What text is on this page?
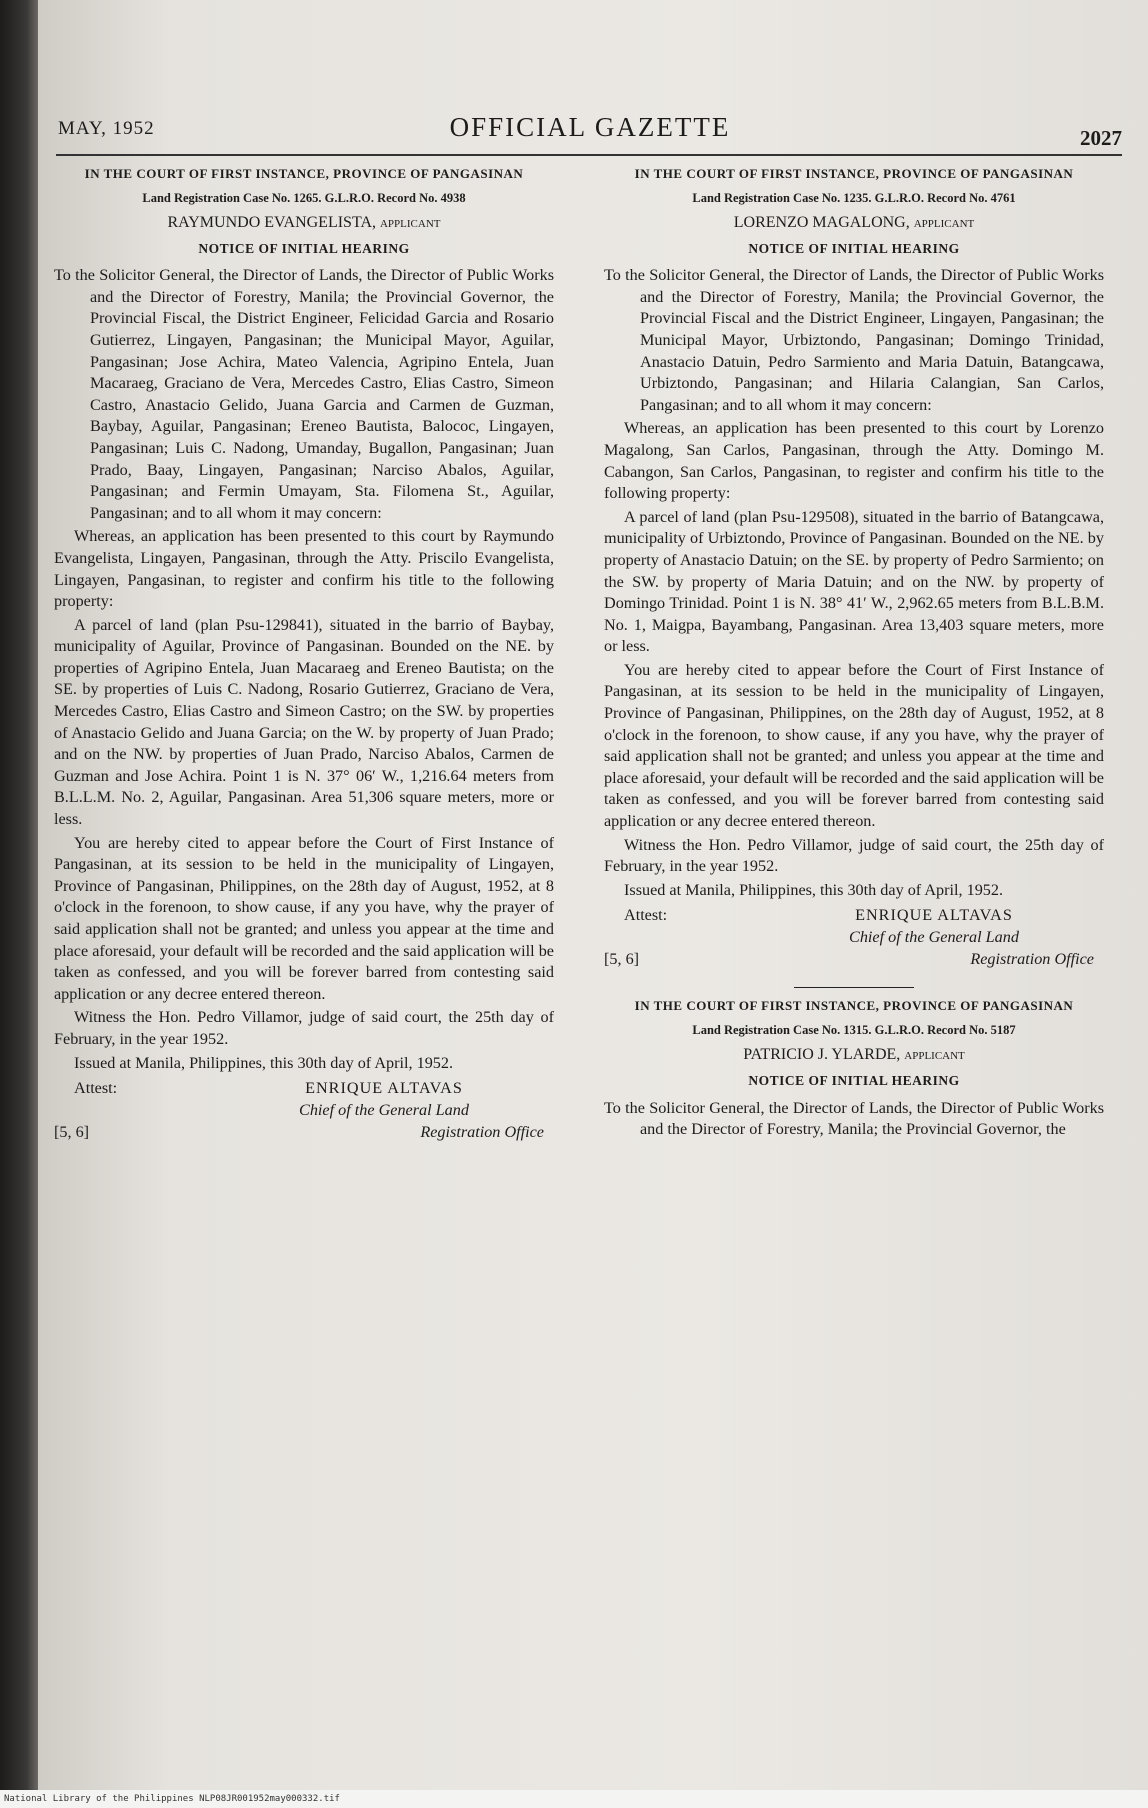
MAY, 1952	OFFICIAL GAZETTE	2027

IN THE COURT OF FIRST INSTANCE, PROVINCE OF PANGASINAN

Land Registration Case No. 1265. G.L.R.O. Record No. 4938
RAYMUNDO EVANGELISTA, applicant
NOTICE OF INITIAL HEARING

To the Solicitor General, the Director of Lands, the Director of Public Works and the Director of Forestry, Manila; the Provincial Governor, the Provincial Fiscal, the District Engineer, Felicidad Garcia and Rosario Gutierrez, Lingayen, Pangasinan; the Municipal Mayor, Aguilar, Pangasinan; Jose Achira, Mateo Valencia, Agripino Entela, Juan Macaraeg, Graciano de Vera, Mercedes Castro, Elias Castro, Simeon Castro, Anastacio Gelido, Juana Garcia and Carmen de Guzman, Baybay, Aguilar, Pangasinan; Ereneo Bautista, Balococ, Lingayen, Pangasinan; Luis C. Nadong, Umanday, Bugallon, Pangasinan; Juan Prado, Baay, Lingayen, Pangasinan; Narciso Abalos, Aguilar, Pangasinan; and Fermin Umayam, Sta. Filomena St., Aguilar, Pangasinan; and to all whom it may concern:

Whereas, an application has been presented to this court by Raymundo Evangelista, Lingayen, Pangasinan, through the Atty. Priscilo Evangelista, Lingayen, Pangasinan, to register and confirm his title to the following property:

A parcel of land (plan Psu-129841), situated in the barrio of Baybay, municipality of Aguilar, Province of Pangasinan. Bounded on the NE. by properties of Agripino Entela, Juan Macaraeg and Ereneo Bautista; on the SE. by properties of Luis C. Nadong, Rosario Gutierrez, Graciano de Vera, Mercedes Castro, Elias Castro and Simeon Castro; on the SW. by properties of Anastacio Gelido and Juana Garcia; on the W. by property of Juan Prado; and on the NW. by properties of Juan Prado, Narciso Abalos, Carmen de Guzman and Jose Achira. Point 1 is N. 37° 06′ W., 1,216.64 meters from B.L.L.M. No. 2, Aguilar, Pangasinan. Area 51,306 square meters, more or less.

You are hereby cited to appear before the Court of First Instance of Pangasinan, at its session to be held in the municipality of Lingayen, Province of Pangasinan, Philippines, on the 28th day of August, 1952, at 8 o'clock in the forenoon, to show cause, if any you have, why the prayer of said application shall not be granted; and unless you appear at the time and place aforesaid, your default will be recorded and the said application will be taken as confessed, and you will be forever barred from contesting said application or any decree entered thereon.

Witness the Hon. Pedro Villamor, judge of said court, the 25th day of February, in the year 1952.

Issued at Manila, Philippines, this 30th day of April, 1952.

Attest:	ENRIQUE ALTAVAS
Chief of the General Land
[5, 6]	Registration Office

IN THE COURT OF FIRST INSTANCE, PROVINCE OF PANGASINAN

Land Registration Case No. 1235. G.L.R.O. Record No. 4761
LORENZO MAGALONG, applicant
NOTICE OF INITIAL HEARING

To the Solicitor General, the Director of Lands, the Director of Public Works and the Director of Forestry, Manila; the Provincial Governor, the Provincial Fiscal and the District Engineer, Lingayen, Pangasinan; the Municipal Mayor, Urbiztondo, Pangasinan; Domingo Trinidad, Anastacio Datuin, Pedro Sarmiento and Maria Datuin, Batangcawa, Urbiztondo, Pangasinan; and Hilaria Calangian, San Carlos, Pangasinan; and to all whom it may concern:

Whereas, an application has been presented to this court by Lorenzo Magalong, San Carlos, Pangasinan, through the Atty. Domingo M. Cabangon, San Carlos, Pangasinan, to register and confirm his title to the following property:

A parcel of land (plan Psu-129508), situated in the barrio of Batangcawa, municipality of Urbiztondo, Province of Pangasinan. Bounded on the NE. by property of Anastacio Datuin; on the SE. by property of Pedro Sarmiento; on the SW. by property of Maria Datuin; and on the NW. by property of Domingo Trinidad. Point 1 is N. 38° 41′ W., 2,962.65 meters from B.L.B.M. No. 1, Maigpa, Bayambang, Pangasinan. Area 13,403 square meters, more or less.

You are hereby cited to appear before the Court of First Instance of Pangasinan, at its session to be held in the municipality of Lingayen, Province of Pangasinan, Philippines, on the 28th day of August, 1952, at 8 o'clock in the forenoon, to show cause, if any you have, why the prayer of said application shall not be granted; and unless you appear at the time and place aforesaid, your default will be recorded and the said application will be taken as confessed, and you will be forever barred from contesting said application or any decree entered thereon.

Witness the Hon. Pedro Villamor, judge of said court, the 25th day of February, in the year 1952.

Issued at Manila, Philippines, this 30th day of April, 1952.

Attest:	ENRIQUE ALTAVAS
Chief of the General Land
[5, 6]	Registration Office

IN THE COURT OF FIRST INSTANCE, PROVINCE OF PANGASINAN

Land Registration Case No. 1315. G.L.R.O. Record No. 5187
PATRICIO J. YLARDE, applicant
NOTICE OF INITIAL HEARING

To the Solicitor General, the Director of Lands, the Director of Public Works and the Director of Forestry, Manila; the Provincial Governor, the

National Library of the Philippines NLP08JR001952may000332.tif
